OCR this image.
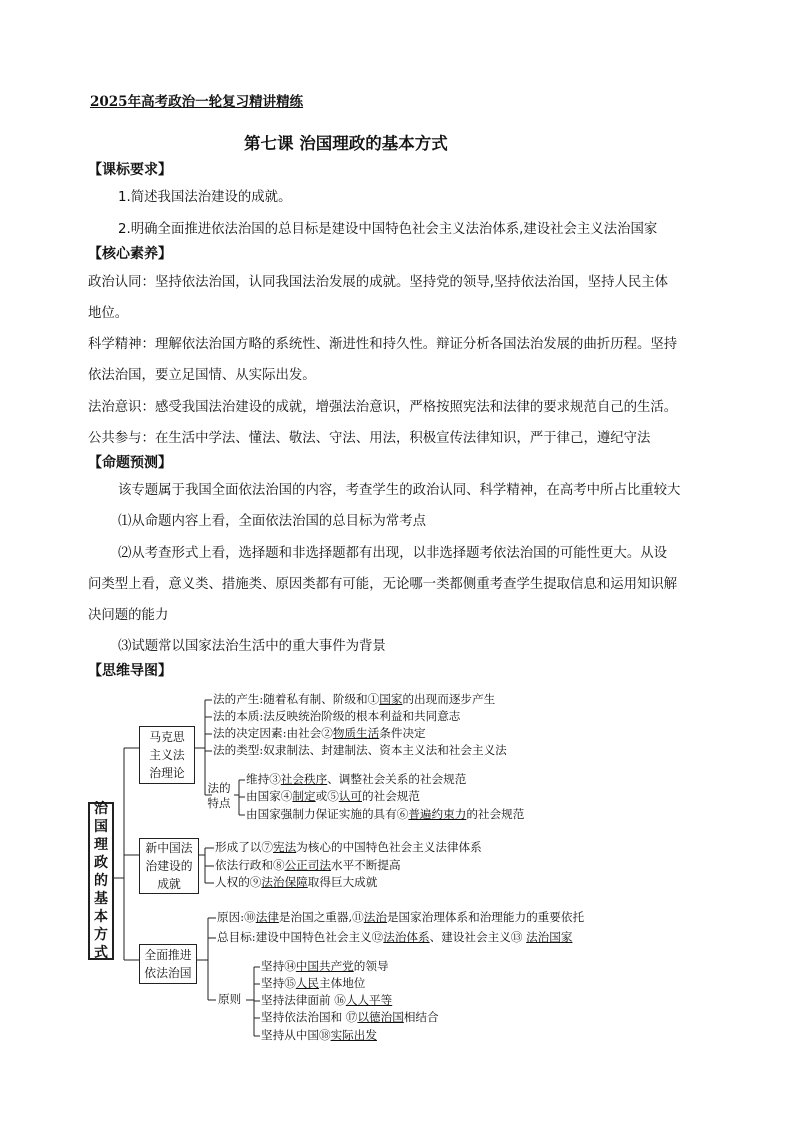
2025年高考政治一轮复习精讲精练
第七课 治国理政的基本方式
【课标要求】
1.简述我国法治建设的成就。
2.明确全面推进依法治国的总目标是建设中国特色社会主义法治体系,建设社会主义法治国家
【核心素养】
政治认同：坚持依法治国，认同我国法治发展的成就。坚持党的领导,坚持依法治国，坚持人民主体
地位。
科学精神：理解依法治国方略的系统性、渐进性和持久性。辩证分析各国法治发展的曲折历程。坚持
依法治国，要立足国情、从实际出发。
法治意识：感受我国法治建设的成就，增强法治意识，严格按照宪法和法律的要求规范自己的生活。
公共参与：在生活中学法、懂法、敬法、守法、用法，积极宣传法律知识，严于律己，遵纪守法
【命题预测】
该专题属于我国全面依法治国的内容，考查学生的政治认同、科学精神，在高考中所占比重较大
⑴从命题内容上看，全面依法治国的总目标为常考点
⑵从考查形式上看，选择题和非选择题都有出现，以非选择题考依法治国的可能性更大。从设
问类型上看，意义类、措施类、原因类都有可能，无论哪一类都侧重考查学生提取信息和运用知识解
决问题的能力
⑶试题常以国家法治生活中的重大事件为背景
【思维导图】
治国理政的基本方式
马克思主义法治理论
新中国法治建设的成就
全面推进依法治国
法的产生:随着私有制、阶级和①国家的出现而逐步产生
法的本质:法反映统治阶级的根本利益和共同意志
法的决定因素:由社会②物质生活条件决定
法的类型:奴隶制法、封建制法、资本主义法和社会主义法
法的特点
维持③社会秩序、调整社会关系的社会规范
由国家④制定或⑤认可的社会规范
由国家强制力保证实施的具有⑥普遍约束力的社会规范
形成了以⑦宪法为核心的中国特色社会主义法律体系
依法行政和⑧公正司法水平不断提高
人权的⑨法治保障取得巨大成就
原因:⑩法律是治国之重器,⑪法治是国家治理体系和治理能力的重要依托
总目标:建设中国特色社会主义⑫法治体系、建设社会主义⑬ 法治国家
原则
坚持⑭中国共产党的领导
坚持⑮人民主体地位
坚持法律面前 ⑯人人平等
坚持依法治国和 ⑰以德治国相结合
坚持从中国⑱实际出发
